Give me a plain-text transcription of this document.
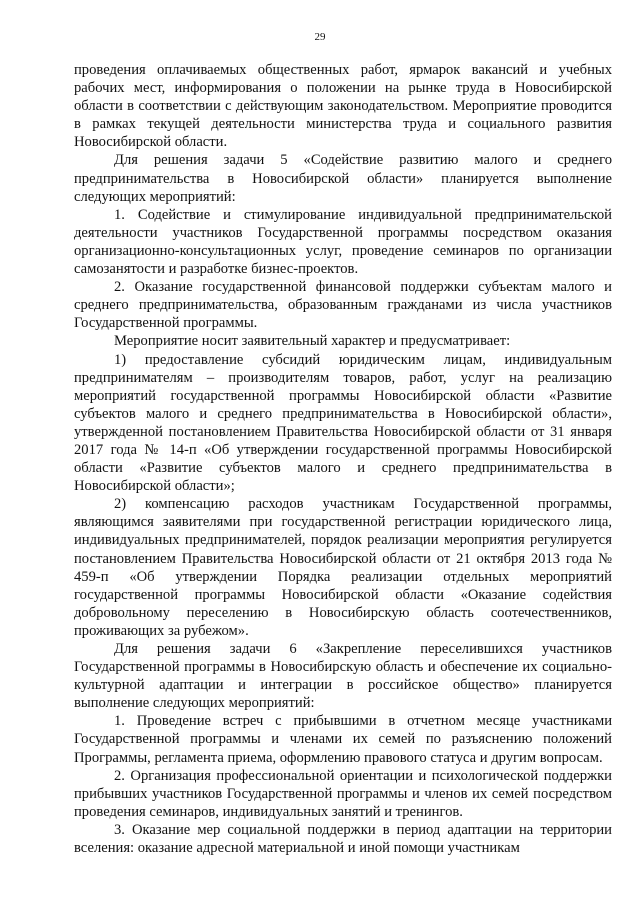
29

проведения оплачиваемых общественных работ, ярмарок вакансий и учебных рабочих мест, информирования о положении на рынке труда в Новосибирской области в соответствии с действующим законодательством. Мероприятие проводится в рамках текущей деятельности министерства труда и социального развития Новосибирской области.

Для решения задачи 5 «Содействие развитию малого и среднего предпринимательства в Новосибирской области» планируется выполнение следующих мероприятий:

1. Содействие и стимулирование индивидуальной предпринимательской деятельности участников Государственной программы посредством оказания организационно-консультационных услуг, проведение семинаров по организации самозанятости и разработке бизнес-проектов.

2. Оказание государственной финансовой поддержки субъектам малого и среднего предпринимательства, образованным гражданами из числа участников Государственной программы.

Мероприятие носит заявительный характер и предусматривает:

1) предоставление субсидий юридическим лицам, индивидуальным предпринимателям – производителям товаров, работ, услуг на реализацию мероприятий государственной программы Новосибирской области «Развитие субъектов малого и среднего предпринимательства в Новосибирской области», утвержденной постановлением Правительства Новосибирской области от 31 января 2017 года № 14-п «Об утверждении государственной программы Новосибирской области «Развитие субъектов малого и среднего предпринимательства в Новосибирской области»;

2) компенсацию расходов участникам Государственной программы, являющимся заявителями при государственной регистрации юридического лица, индивидуальных предпринимателей, порядок реализации мероприятия регулируется постановлением Правительства Новосибирской области от 21 октября 2013 года № 459-п «Об утверждении Порядка реализации отдельных мероприятий государственной программы Новосибирской области «Оказание содействия добровольному переселению в Новосибирскую область соотечественников, проживающих за рубежом».

Для решения задачи 6 «Закрепление переселившихся участников Государственной программы в Новосибирскую область и обеспечение их социально-культурной адаптации и интеграции в российское общество» планируется выполнение следующих мероприятий:

1. Проведение встреч с прибывшими в отчетном месяце участниками Государственной программы и членами их семей по разъяснению положений Программы, регламента приема, оформлению правового статуса и другим вопросам.

2. Организация профессиональной ориентации и психологической поддержки прибывших участников Государственной программы и членов их семей посредством проведения семинаров, индивидуальных занятий и тренингов.

3. Оказание мер социальной поддержки в период адаптации на территории вселения: оказание адресной материальной и иной помощи участникам
